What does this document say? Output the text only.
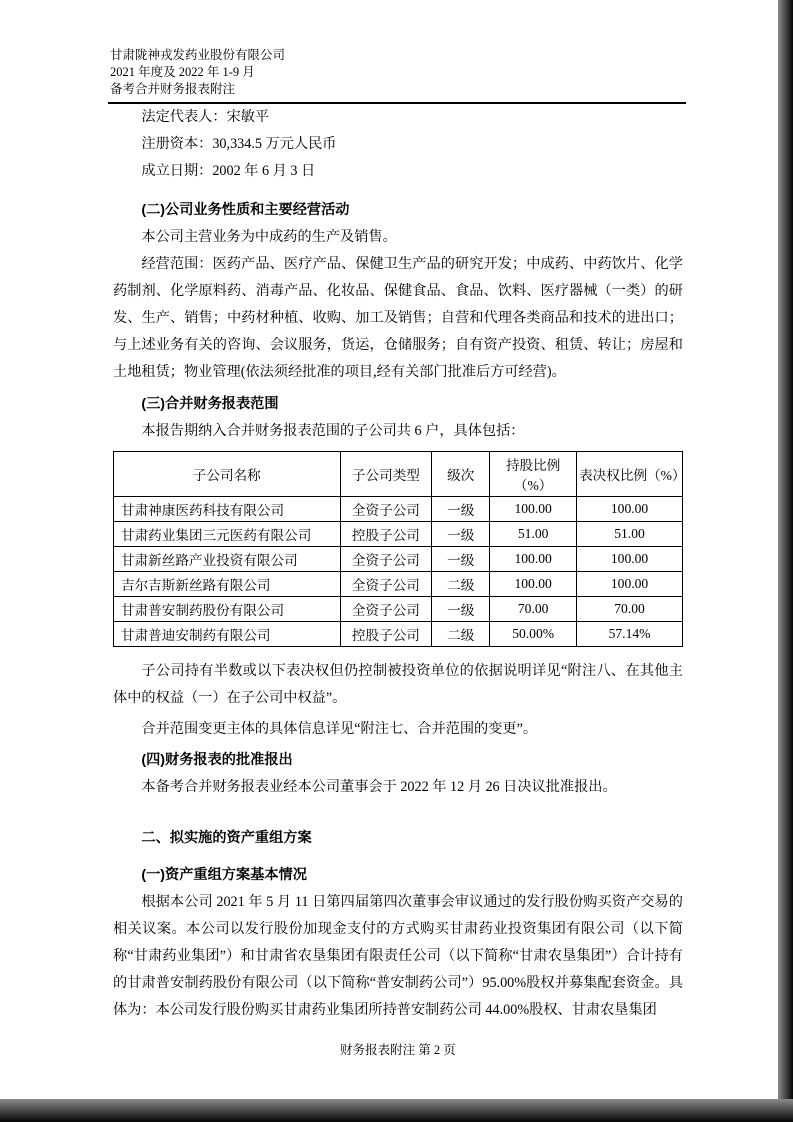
甘肃陇神戎发药业股份有限公司
2021 年度及 2022 年 1-9 月
备考合并财务报表附注

法定代表人：宋敏平

注册资本：30,334.5 万元人民币

成立日期：2002 年 6 月 3 日

(二)公司业务性质和主要经营活动

本公司主营业务为中成药的生产及销售。

经营范围：医药产品、医疗产品、保健卫生产品的研究开发；中成药、中药饮片、化学药制剂、化学原料药、消毒产品、化妆品、保健食品、食品、饮料、医疗器械（一类）的研发、生产、销售；中药材种植、收购、加工及销售；自营和代理各类商品和技术的进出口；与上述业务有关的咨询、会议服务，货运，仓储服务；自有资产投资、租赁、转让；房屋和土地租赁；物业管理(依法须经批准的项目,经有关部门批准后方可经营)。

(三)合并财务报表范围

本报告期纳入合并财务报表范围的子公司共 6 户，具体包括：

子公司名称	子公司类型	级次	持股比例（%）	表决权比例（%）
甘肃神康医药科技有限公司	全资子公司	一级	100.00	100.00
甘肃药业集团三元医药有限公司	控股子公司	一级	51.00	51.00
甘肃新丝路产业投资有限公司	全资子公司	一级	100.00	100.00
吉尔吉斯新丝路有限公司	全资子公司	二级	100.00	100.00
甘肃普安制药股份有限公司	全资子公司	一级	70.00	70.00
甘肃普迪安制药有限公司	控股子公司	二级	50.00%	57.14%

子公司持有半数或以下表决权但仍控制被投资单位的依据说明详见“附注八、在其他主体中的权益（一）在子公司中权益”。

合并范围变更主体的具体信息详见“附注七、合并范围的变更”。

(四)财务报表的批准报出

本备考合并财务报表业经本公司董事会于 2022 年 12 月 26 日决议批准报出。

二、拟实施的资产重组方案

(一)资产重组方案基本情况

根据本公司 2021 年 5 月 11 日第四届第四次董事会审议通过的发行股份购买资产交易的相关议案。本公司以发行股份加现金支付的方式购买甘肃药业投资集团有限公司（以下简称“甘肃药业集团”）和甘肃省农垦集团有限责任公司（以下简称“甘肃农垦集团”）合计持有的甘肃普安制药股份有限公司（以下简称“普安制药公司”）95.00%股权并募集配套资金。具体为：本公司发行股份购买甘肃药业集团所持普安制药公司 44.00%股权、甘肃农垦集团

财务报表附注 第 2 页
